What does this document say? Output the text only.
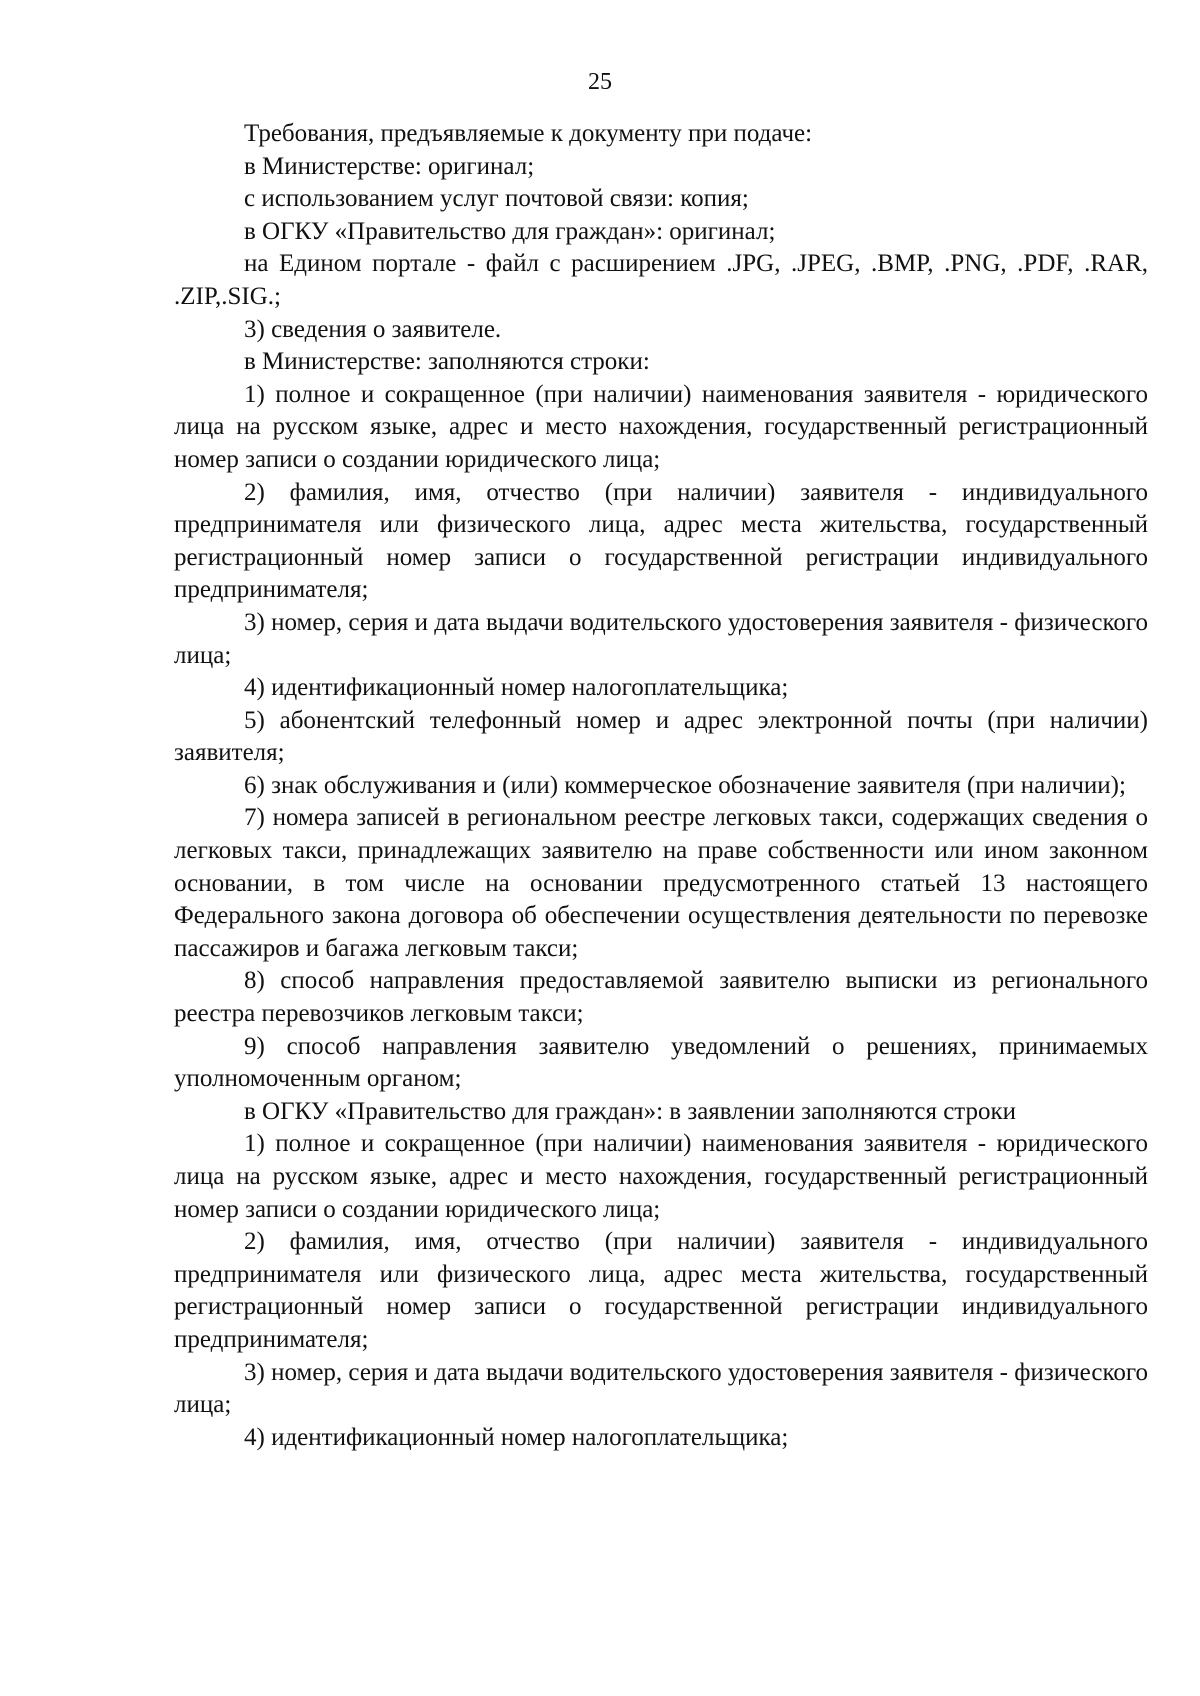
25

Требования, предъявляемые к документу при подаче:

в Министерстве: оригинал;

с использованием услуг почтовой связи: копия;

в ОГКУ «Правительство для граждан»: оригинал;

на Едином портале - файл с расширением .JPG, .JPEG, .BMP, .PNG, .PDF, .RAR, .ZIP,.SIG.;

3) сведения о заявителе.

в Министерстве: заполняются строки:

1) полное и сокращенное (при наличии) наименования заявителя - юридического лица на русском языке, адрес и место нахождения, государственный регистрационный номер записи о создании юридического лица;

2) фамилия, имя, отчество (при наличии) заявителя - индивидуального предпринимателя или физического лица, адрес места жительства, государственный регистрационный номер записи о государственной регистрации индивидуального предпринимателя;

3) номер, серия и дата выдачи водительского удостоверения заявителя - физического лица;

4) идентификационный номер налогоплательщика;

5) абонентский телефонный номер и адрес электронной почты (при наличии) заявителя;

6) знак обслуживания и (или) коммерческое обозначение заявителя (при наличии);

7) номера записей в региональном реестре легковых такси, содержащих сведения о легковых такси, принадлежащих заявителю на праве собственности или ином законном основании, в том числе на основании предусмотренного статьей 13 настоящего Федерального закона договора об обеспечении осуществления деятельности по перевозке пассажиров и багажа легковым такси;

8) способ направления предоставляемой заявителю выписки из регионального реестра перевозчиков легковым такси;

9) способ направления заявителю уведомлений о решениях, принимаемых уполномоченным органом;

в ОГКУ «Правительство для граждан»: в заявлении заполняются строки

1) полное и сокращенное (при наличии) наименования заявителя - юридического лица на русском языке, адрес и место нахождения, государственный регистрационный номер записи о создании юридического лица;

2) фамилия, имя, отчество (при наличии) заявителя - индивидуального предпринимателя или физического лица, адрес места жительства, государственный регистрационный номер записи о государственной регистрации индивидуального предпринимателя;

3) номер, серия и дата выдачи водительского удостоверения заявителя - физического лица;

4) идентификационный номер налогоплательщика;
